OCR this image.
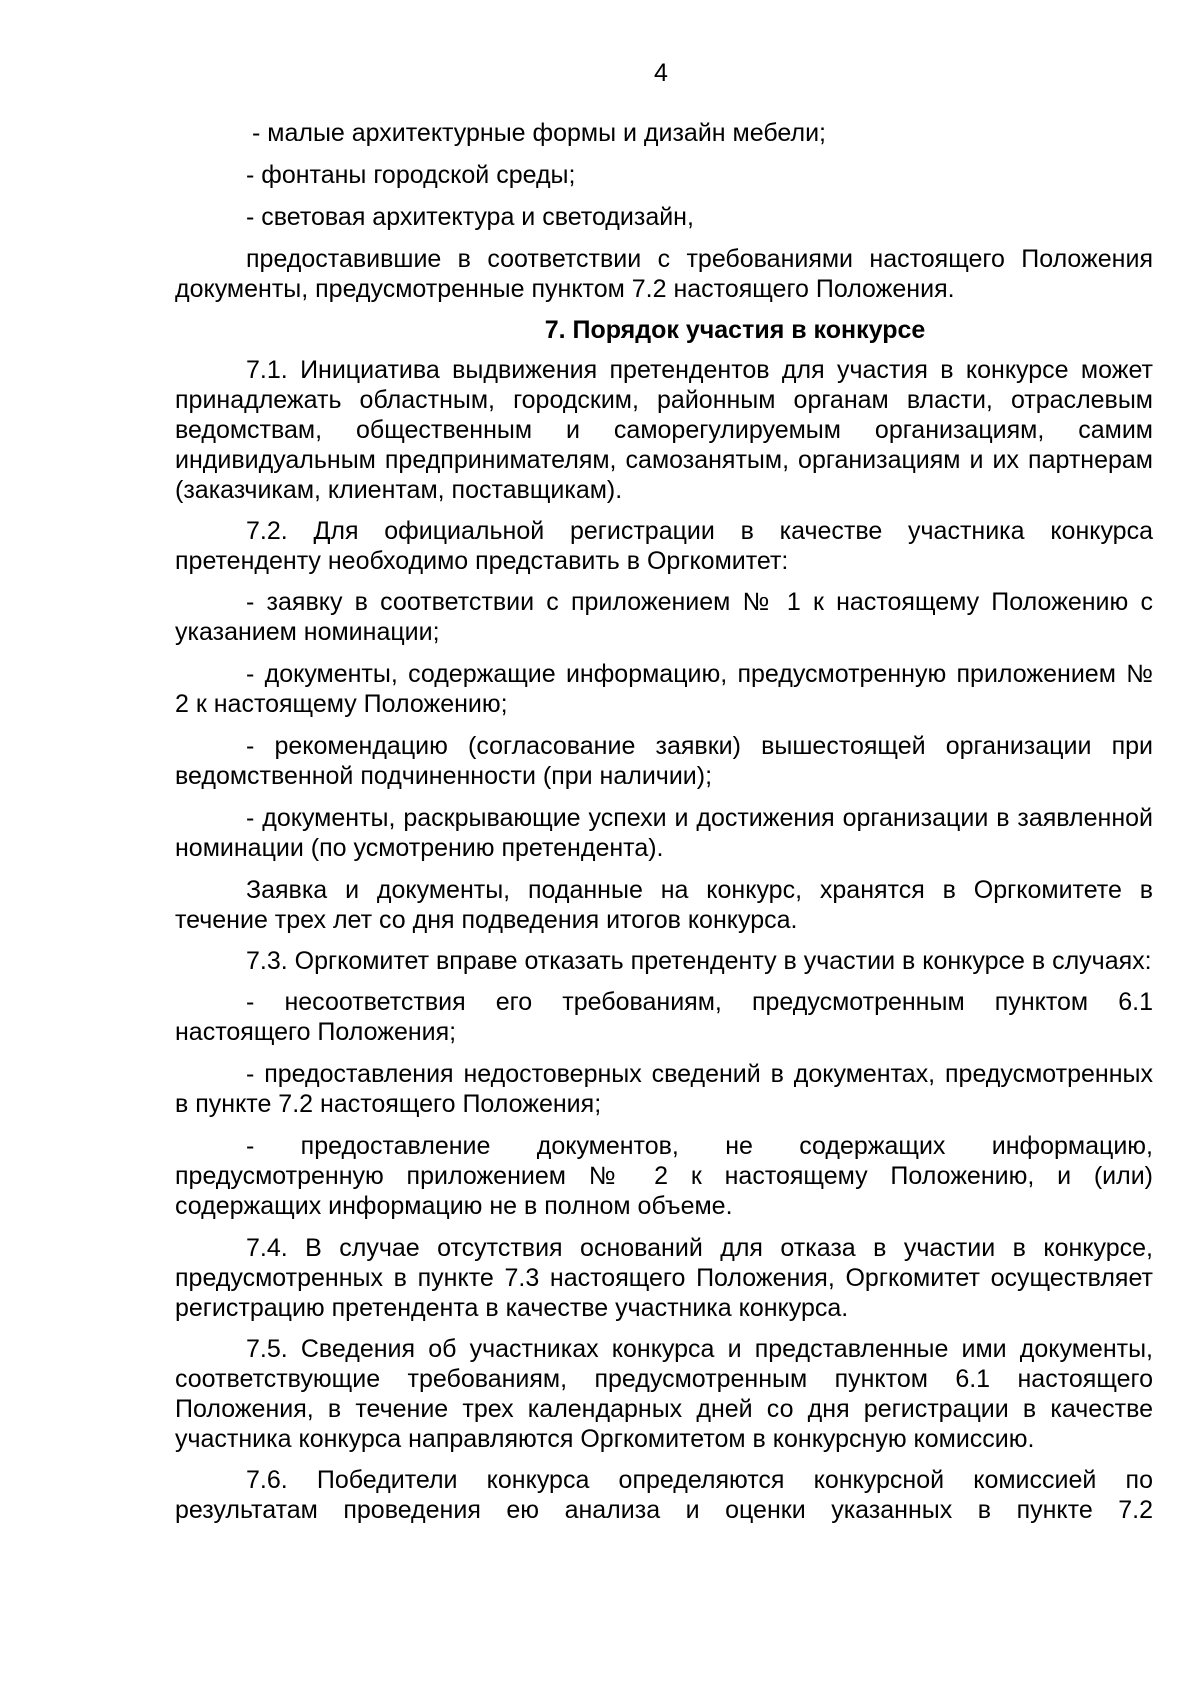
4

- малые архитектурные формы и дизайн мебели;

- фонтаны городской среды;

- световая архитектура и светодизайн,

предоставившие в соответствии с требованиями настоящего Положения документы, предусмотренные пунктом 7.2 настоящего Положения.

7. Порядок участия в конкурсе

7.1. Инициатива выдвижения претендентов для участия в конкурсе может принадлежать областным, городским, районным органам власти, отраслевым ведомствам, общественным и саморегулируемым организациям, самим индивидуальным предпринимателям, самозанятым, организациям и их партнерам (заказчикам, клиентам, поставщикам).

7.2. Для официальной регистрации в качестве участника конкурса претенденту необходимо представить в Оргкомитет:

- заявку в соответствии с приложением № 1 к настоящему Положению с указанием номинации;

- документы, содержащие информацию, предусмотренную приложением № 2 к настоящему Положению;

- рекомендацию (согласование заявки) вышестоящей организации при ведомственной подчиненности (при наличии);

- документы, раскрывающие успехи и достижения организации в заявленной номинации (по усмотрению претендента).

Заявка и документы, поданные на конкурс, хранятся в Оргкомитете в течение трех лет со дня подведения итогов конкурса.

7.3. Оргкомитет вправе отказать претенденту в участии в конкурсе в случаях:

- несоответствия его требованиям, предусмотренным пунктом 6.1 настоящего Положения;

- предоставления недостоверных сведений в документах, предусмотренных в пункте 7.2 настоящего Положения;

- предоставление документов, не содержащих информацию, предусмотренную приложением № 2 к настоящему Положению, и (или) содержащих информацию не в полном объеме.

7.4. В случае отсутствия оснований для отказа в участии в конкурсе, предусмотренных в пункте 7.3 настоящего Положения, Оргкомитет осуществляет регистрацию претендента в качестве участника конкурса.

7.5. Сведения об участниках конкурса и представленные ими документы, соответствующие требованиям, предусмотренным пунктом 6.1 настоящего Положения, в течение трех календарных дней со дня регистрации в качестве участника конкурса направляются Оргкомитетом в конкурсную комиссию.

7.6. Победители конкурса определяются конкурсной комиссией по результатам проведения ею анализа и оценки указанных в пункте 7.2
